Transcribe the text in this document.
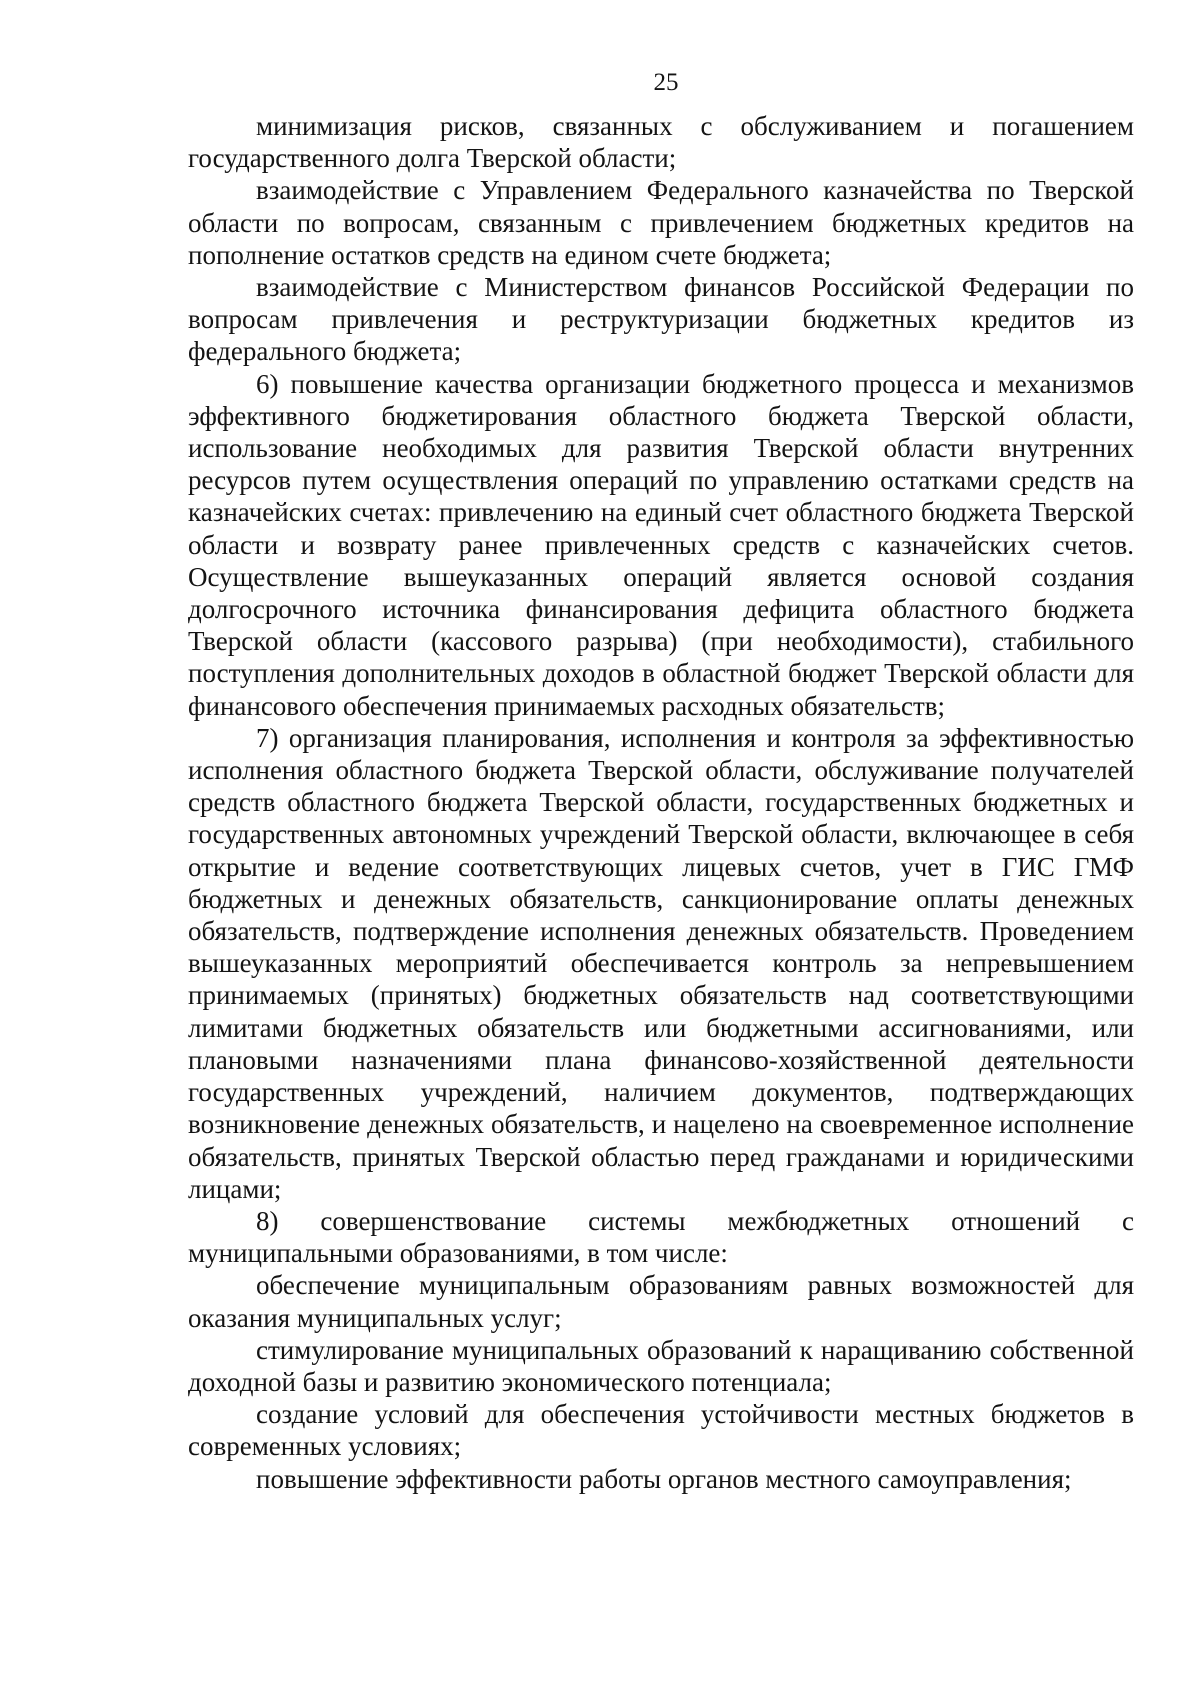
25

минимизация рисков, связанных с обслуживанием и погашением государственного долга Тверской области;

взаимодействие с Управлением Федерального казначейства по Тверской области по вопросам, связанным с привлечением бюджетных кредитов на пополнение остатков средств на едином счете бюджета;

взаимодействие с Министерством финансов Российской Федерации по вопросам привлечения и реструктуризации бюджетных кредитов из федерального бюджета;

6) повышение качества организации бюджетного процесса и механизмов эффективного бюджетирования областного бюджета Тверской области, использование необходимых для развития Тверской области внутренних ресурсов путем осуществления операций по управлению остатками средств на казначейских счетах: привлечению на единый счет областного бюджета Тверской области и возврату ранее привлеченных средств с казначейских счетов. Осуществление вышеуказанных операций является основой создания долгосрочного источника финансирования дефицита областного бюджета Тверской области (кассового разрыва) (при необходимости), стабильного поступления дополнительных доходов в областной бюджет Тверской области для финансового обеспечения принимаемых расходных обязательств;

7) организация планирования, исполнения и контроля за эффективностью исполнения областного бюджета Тверской области, обслуживание получателей средств областного бюджета Тверской области, государственных бюджетных и государственных автономных учреждений Тверской области, включающее в себя открытие и ведение соответствующих лицевых счетов, учет в ГИС ГМФ бюджетных и денежных обязательств, санкционирование оплаты денежных обязательств, подтверждение исполнения денежных обязательств. Проведением вышеуказанных мероприятий обеспечивается контроль за непревышением принимаемых (принятых) бюджетных обязательств над соответствующими лимитами бюджетных обязательств или бюджетными ассигнованиями, или плановыми назначениями плана финансово-хозяйственной деятельности государственных учреждений, наличием документов, подтверждающих возникновение денежных обязательств, и нацелено на своевременное исполнение обязательств, принятых Тверской областью перед гражданами и юридическими лицами;

8) совершенствование системы межбюджетных отношений с муниципальными образованиями, в том числе:

обеспечение муниципальным образованиям равных возможностей для оказания муниципальных услуг;

стимулирование муниципальных образований к наращиванию собственной доходной базы и развитию экономического потенциала;

создание условий для обеспечения устойчивости местных бюджетов в современных условиях;

повышение эффективности работы органов местного самоуправления;
